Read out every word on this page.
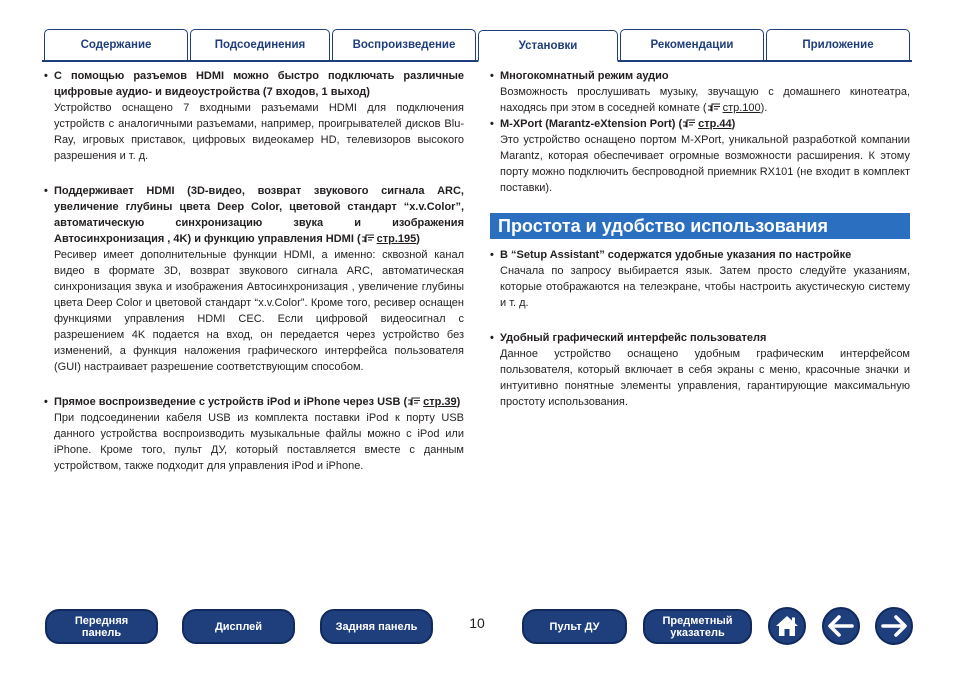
Содержание	Подсоединения	Воспроизведение	Установки	Рекомендации	Приложение
• С помощью разъемов HDMI можно быстро подключать различные цифровые аудио- и видеоустройства (7 входов, 1 выход)
Устройство оснащено 7 входными разъемами HDMI для подключения устройств с аналогичными разъемами, например, проигрывателей дисков Blu-Ray, игровых приставок, цифровых видеокамер HD, телевизоров высокого разрешения и т. д.
• Поддерживает HDMI (3D-видео, возврат звукового сигнала ARC, увеличение глубины цвета Deep Color, цветовой стандарт “x.v.Color”, автоматическую синхронизацию звука и изображения Автосинхронизация , 4K) и функцию управления HDMI ( стр.195)
Ресивер имеет дополнительные функции HDMI, а именно: сквозной канал видео в формате 3D, возврат звукового сигнала ARC, автоматическая синхронизация звука и изображения Автосинхронизация , увеличение глубины цвета Deep Color и цветовой стандарт “x.v.Color”. Кроме того, ресивер оснащен функциями управления HDMI CEC. Если цифровой видеосигнал с разрешением 4K подается на вход, он передается через устройство без изменений, а функция наложения графического интерфейса пользователя (GUI) настраивает разрешение соответствующим способом.
• Прямое воспроизведение с устройств iPod и iPhone через USB ( стр.39)
При подсоединении кабеля USB из комплекта поставки iPod к порту USB данного устройства воспроизводить музыкальные файлы можно с iPod или iPhone. Кроме того, пульт ДУ, который поставляется вместе с данным устройством, также подходит для управления iPod и iPhone.
• Многокомнатный режим аудио
Возможность прослушивать музыку, звучащую с домашнего кинотеатра, находясь при этом в соседней комнате ( стр.100).
• M-XPort (Marantz-eXtension Port) ( стр.44)
Это устройство оснащено портом M-XPort, уникальной разработкой компании Marantz, которая обеспечивает огромные возможности расширения. К этому порту можно подключить беспроводной приемник RX101 (не входит в комплект поставки).
Простота и удобство использования
• В “Setup Assistant” содержатся удобные указания по настройке
Сначала по запросу выбирается язык. Затем просто следуйте указаниям, которые отображаются на телеэкране, чтобы настроить акустическую систему и т. д.
• Удобный графический интерфейс пользователя
Данное устройство оснащено удобным графическим интерфейсом пользователя, который включает в себя экраны с меню, красочные значки и интуитивно понятные элементы управления, гарантирующие максимальную простоту использования.
Передняя
панель	Дисплей	Задняя панель	10	Пульт ДУ	Предметный
указатель
